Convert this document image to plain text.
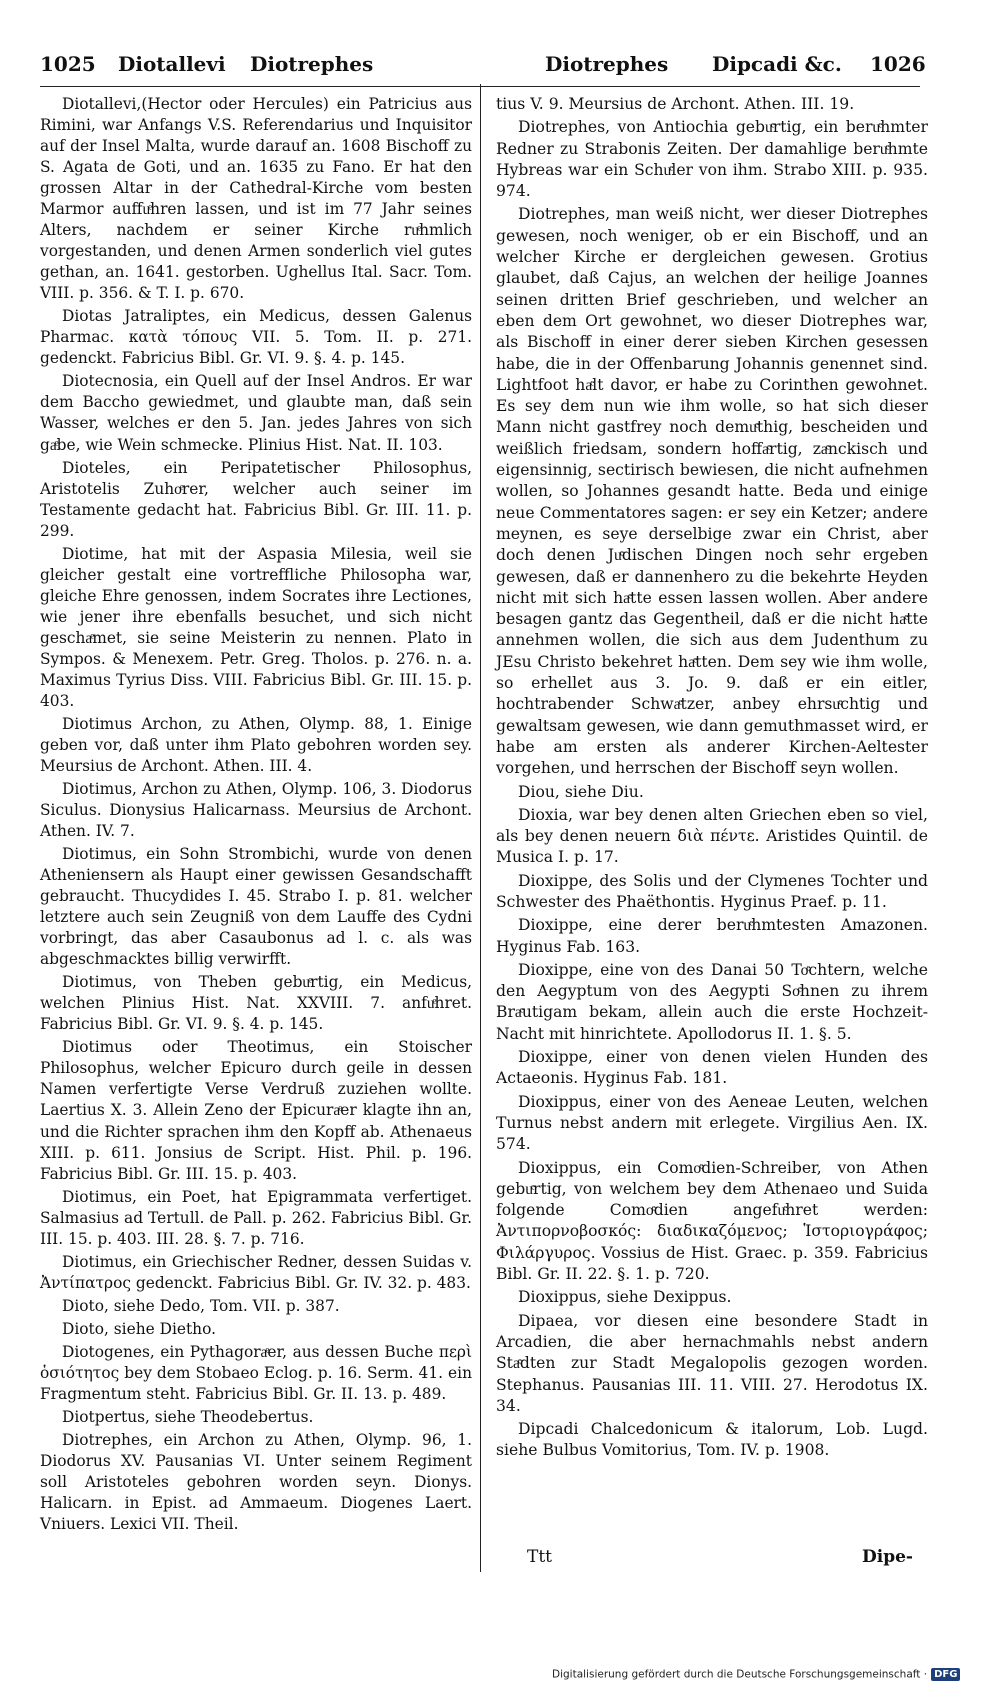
1025 Diotallevi Diotrephes	Diotrephes Dipcadi &c. 1026

Diotallevi,(Hector oder Hercules) ein Patricius aus Rimini, war Anfangs V.S. Referendarius und Inquisitor auf der Insel Malta, wurde darauf an. 1608 Bischoff zu S. Agata de Goti, und an. 1635 zu Fano. Er hat den grossen Altar in der Cathedral-Kirche vom besten Marmor auffuͤhren lassen, und ist im 77 Jahr seines Alters, nachdem er seiner Kirche ruͤhmlich vorgestanden, und denen Armen sonderlich viel gutes gethan, an. 1641. gestorben. Ughellus Ital. Sacr. Tom. VIII. p. 356. & T. I. p. 670.

Diotas Jatraliptes, ein Medicus, dessen Galenus Pharmac. κατὰ τόπους VII. 5. Tom. II. p. 271. gedenckt. Fabricius Bibl. Gr. VI. 9. §. 4. p. 145.

Diotecnosia, ein Quell auf der Insel Andros. Er war dem Baccho gewiedmet, und glaubte man, daß sein Wasser, welches er den 5. Jan. jedes Jahres von sich gaͤbe, wie Wein schmecke. Plinius Hist. Nat. II. 103.

Dioteles, ein Peripatetischer Philosophus, Aristotelis Zuhoͤrer, welcher auch seiner im Testamente gedacht hat. Fabricius Bibl. Gr. III. 11. p. 299.

Diotime, hat mit der Aspasia Milesia, weil sie gleicher gestalt eine vortreffliche Philosopha war, gleiche Ehre genossen, indem Socrates ihre Lectiones, wie jener ihre ebenfalls besuchet, und sich nicht geschaͤmet, sie seine Meisterin zu nennen. Plato in Sympos. & Menexem. Petr. Greg. Tholos. p. 276. n. a. Maximus Tyrius Diss. VIII. Fabricius Bibl. Gr. III. 15. p. 403.

Diotimus Archon, zu Athen, Olymp. 88, 1. Einige geben vor, daß unter ihm Plato gebohren worden sey. Meursius de Archont. Athen. III. 4.

Diotimus, Archon zu Athen, Olymp. 106, 3. Diodorus Siculus. Dionysius Halicarnass. Meursius de Archont. Athen. IV. 7.

Diotimus, ein Sohn Strombichi, wurde von denen Atheniensern als Haupt einer gewissen Gesandschafft gebraucht. Thucydides I. 45. Strabo I. p. 81. welcher letztere auch sein Zeugniß von dem Lauffe des Cydni vorbringt, das aber Casaubonus ad l. c. als was abgeschmacktes billig verwirfft.

Diotimus, von Theben gebuͤrtig, ein Medicus, welchen Plinius Hist. Nat. XXVIII. 7. anfuͤhret. Fabricius Bibl. Gr. VI. 9. §. 4. p. 145.

Diotimus oder Theotimus, ein Stoischer Philosophus, welcher Epicuro durch geile in dessen Namen verfertigte Verse Verdruß zuziehen wollte. Laertius X. 3. Allein Zeno der Epicuraͤer klagte ihn an, und die Richter sprachen ihm den Kopff ab. Athenaeus XIII. p. 611. Jonsius de Script. Hist. Phil. p. 196. Fabricius Bibl. Gr. III. 15. p. 403.

Diotimus, ein Poet, hat Epigrammata verfertiget. Salmasius ad Tertull. de Pall. p. 262. Fabricius Bibl. Gr. III. 15. p. 403. III. 28. §. 7. p. 716.

Diotimus, ein Griechischer Redner, dessen Suidas v. Ἀντίπατρος gedenckt. Fabricius Bibl. Gr. IV. 32. p. 483.

Dioto, siehe Dedo, Tom. VII. p. 387.

Dioto, siehe Dietho.

Diotogenes, ein Pythagoraͤer, aus dessen Buche περὶ ὁσιότητος bey dem Stobaeo Eclog. p. 16. Serm. 41. ein Fragmentum steht. Fabricius Bibl. Gr. II. 13. p. 489.

Diotpertus, siehe Theodebertus.

Diotrephes, ein Archon zu Athen, Olymp. 96, 1. Diodorus XV. Pausanias VI. Unter seinem Regiment soll Aristoteles gebohren worden seyn. Dionys. Halicarn. in Epist. ad Ammaeum. Diogenes Laert. Vniuers. Lexici VII. Theil.

tius V. 9. Meursius de Archont. Athen. III. 19.

Diotrephes, von Antiochia gebuͤrtig, ein beruͤhmter Redner zu Strabonis Zeiten. Der damahlige beruͤhmte Hybreas war ein Schuͤler von ihm. Strabo XIII. p. 935. 974.

Diotrephes, man weiß nicht, wer dieser Diotrephes gewesen, noch weniger, ob er ein Bischoff, und an welcher Kirche er dergleichen gewesen. Grotius glaubet, daß Cajus, an welchen der heilige Joannes seinen dritten Brief geschrieben, und welcher an eben dem Ort gewohnet, wo dieser Diotrephes war, als Bischoff in einer derer sieben Kirchen gesessen habe, die in der Offenbarung Johannis genennet sind. Lightfoot haͤlt davor, er habe zu Corinthen gewohnet. Es sey dem nun wie ihm wolle, so hat sich dieser Mann nicht gastfrey noch demuͤthig, bescheiden und weißlich friedsam, sondern hoffaͤrtig, zaͤnckisch und eigensinnig, sectirisch bewiesen, die nicht aufnehmen wollen, so Johannes gesandt hatte. Beda und einige neue Commentatores sagen: er sey ein Ketzer; andere meynen, es seye derselbige zwar ein Christ, aber doch denen Juͤdischen Dingen noch sehr ergeben gewesen, daß er dannenhero zu die bekehrte Heyden nicht mit sich haͤtte essen lassen wollen. Aber andere besagen gantz das Gegentheil, daß er die nicht haͤtte annehmen wollen, die sich aus dem Judenthum zu JEsu Christo bekehret haͤtten. Dem sey wie ihm wolle, so erhellet aus 3. Jo. 9. daß er ein eitler, hochtrabender Schwaͤtzer, anbey ehrsuͤchtig und gewaltsam gewesen, wie dann gemuthmasset wird, er habe am ersten als anderer Kirchen-Aeltester vorgehen, und herrschen der Bischoff seyn wollen.

Diou, siehe Diu.

Dioxia, war bey denen alten Griechen eben so viel, als bey denen neuern διὰ πέντε. Aristides Quintil. de Musica I. p. 17.

Dioxippe, des Solis und der Clymenes Tochter und Schwester des Phaëthontis. Hyginus Praef. p. 11.

Dioxippe, eine derer beruͤhmtesten Amazonen. Hyginus Fab. 163.

Dioxippe, eine von des Danai 50 Toͤchtern, welche den Aegyptum von des Aegypti Soͤhnen zu ihrem Braͤutigam bekam, allein auch die erste Hochzeit-Nacht mit hinrichtete. Apollodorus II. 1. §. 5.

Dioxippe, einer von denen vielen Hunden des Actaeonis. Hyginus Fab. 181.

Dioxippus, einer von des Aeneae Leuten, welchen Turnus nebst andern mit erlegete. Virgilius Aen. IX. 574.

Dioxippus, ein Comoͤdien-Schreiber, von Athen gebuͤrtig, von welchem bey dem Athenaeo und Suida folgende Comoͤdien angefuͤhret werden: Ἀντιπορνοβοσκός: διαδικαζόμενος; Ἱστοριογράφος; Φιλάργυρος. Vossius de Hist. Graec. p. 359. Fabricius Bibl. Gr. II. 22. §. 1. p. 720.

Dioxippus, siehe Dexippus.

Dipaea, vor diesen eine besondere Stadt in Arcadien, die aber hernachmahls nebst andern Staͤdten zur Stadt Megalopolis gezogen worden. Stephanus. Pausanias III. 11. VIII. 27. Herodotus IX. 34.

Dipcadi Chalcedonicum & italorum, Lob. Lugd. siehe Bulbus Vomitorius, Tom. IV. p. 1908.

Ttt	Dipe-
Digitalisierung gefördert durch die Deutsche Forschungsgemeinschaft · DFG
